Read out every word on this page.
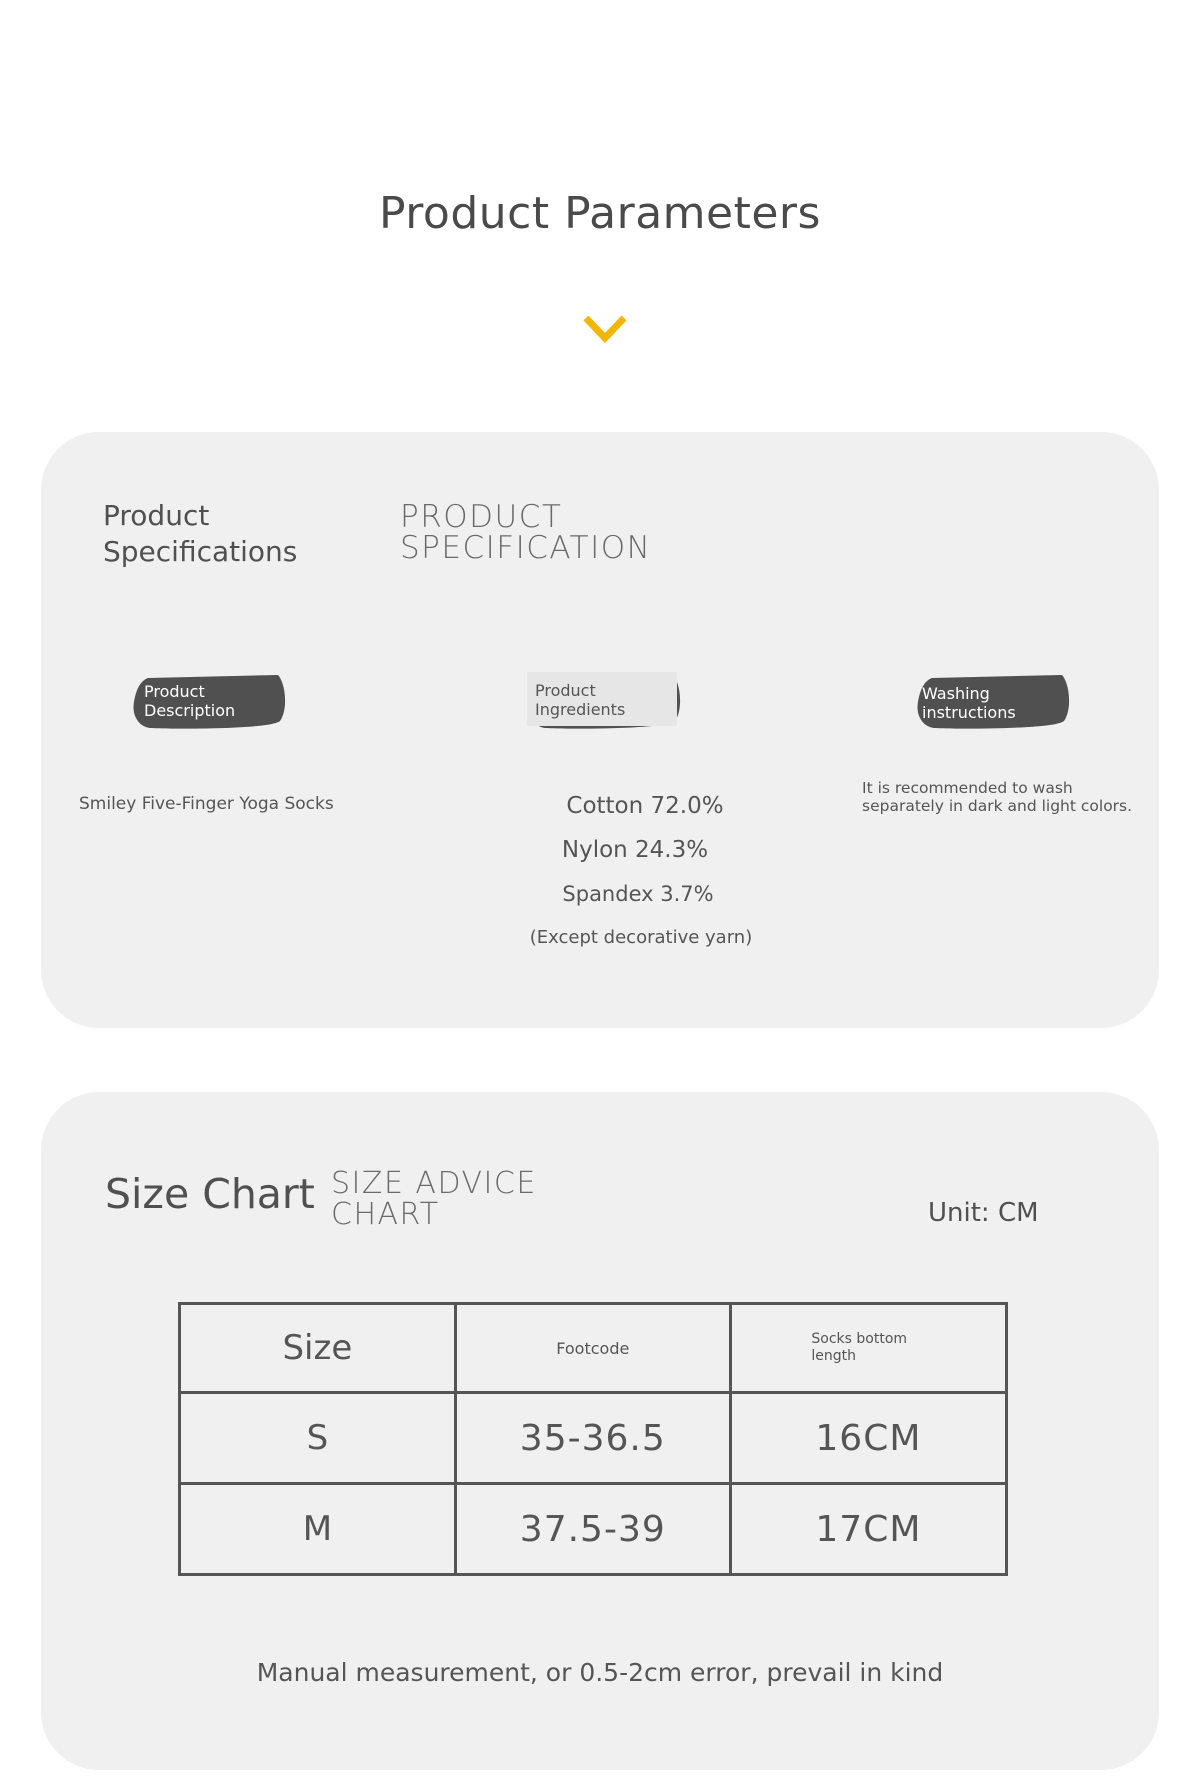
Product Parameters
Product
Specifications
PRODUCT
SPECIFICATION
Product
Description
Product
Ingredients
Washing
instructions
Smiley Five-Finger Yoga Socks	Cotton 72.0%
Nylon 24.3%
Spandex 3.7%
(Except decorative yarn)
It is recommended to wash separately in dark and light colors.
Size Chart SIZE ADVICE
CHART	Unit: CM
Size	Footcode	Socks bottom length
S	35-36.5	16CM
M	37.5-39	17CM
Manual measurement, or 0.5-2cm error, prevail in kind
